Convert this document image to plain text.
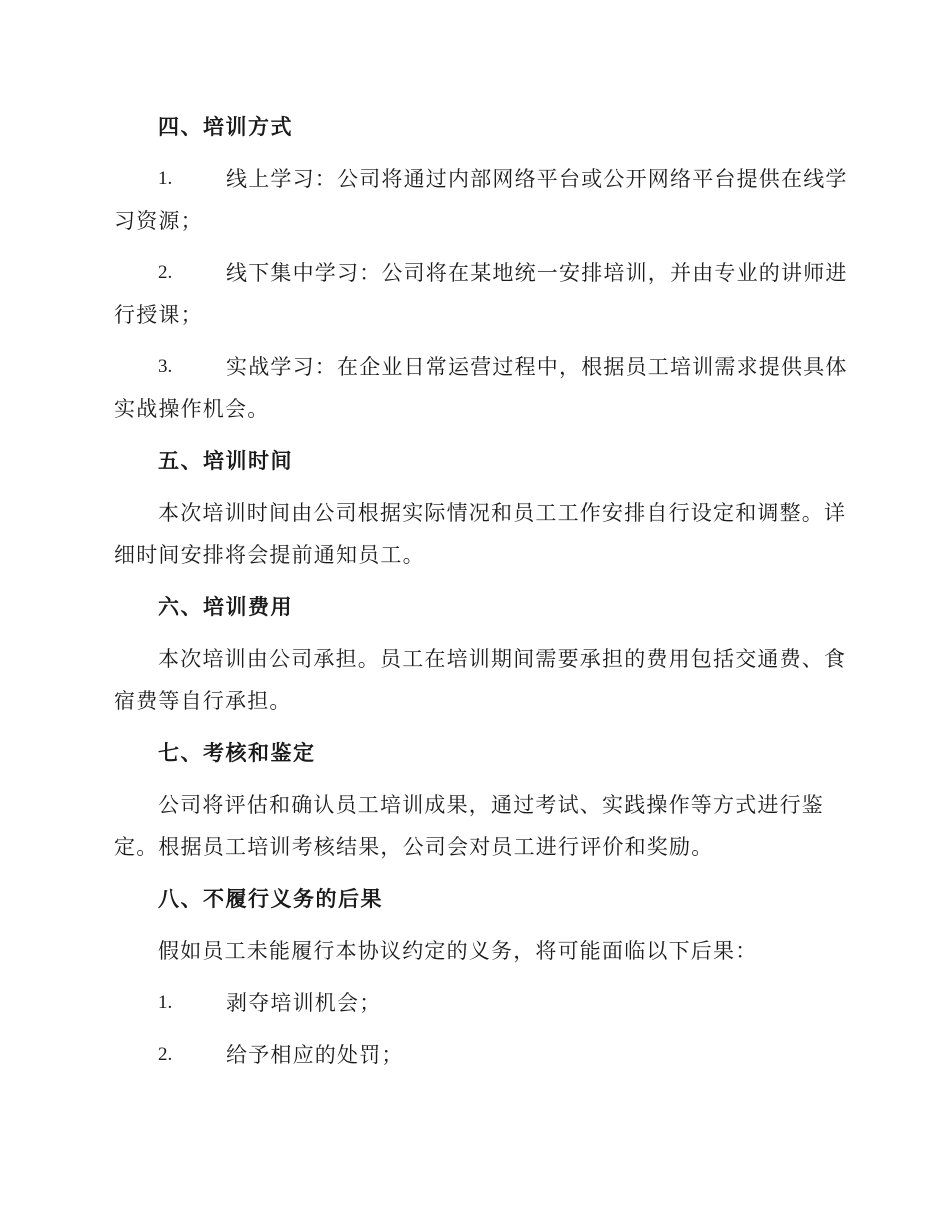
四、培训方式
1.	线上学习：公司将通过内部网络平台或公开网络平台提供在线学
习资源；
2.	线下集中学习：公司将在某地统一安排培训，并由专业的讲师进
行授课；
3.	实战学习：在企业日常运营过程中，根据员工培训需求提供具体
实战操作机会。
五、培训时间
本次培训时间由公司根据实际情况和员工工作安排自行设定和调整。详
细时间安排将会提前通知员工。
六、培训费用
本次培训由公司承担。员工在培训期间需要承担的费用包括交通费、食
宿费等自行承担。
七、考核和鉴定
公司将评估和确认员工培训成果，通过考试、实践操作等方式进行鉴
定。根据员工培训考核结果，公司会对员工进行评价和奖励。
八、不履行义务的后果
假如员工未能履行本协议约定的义务，将可能面临以下后果：
1.	剥夺培训机会；
2.	给予相应的处罚；
